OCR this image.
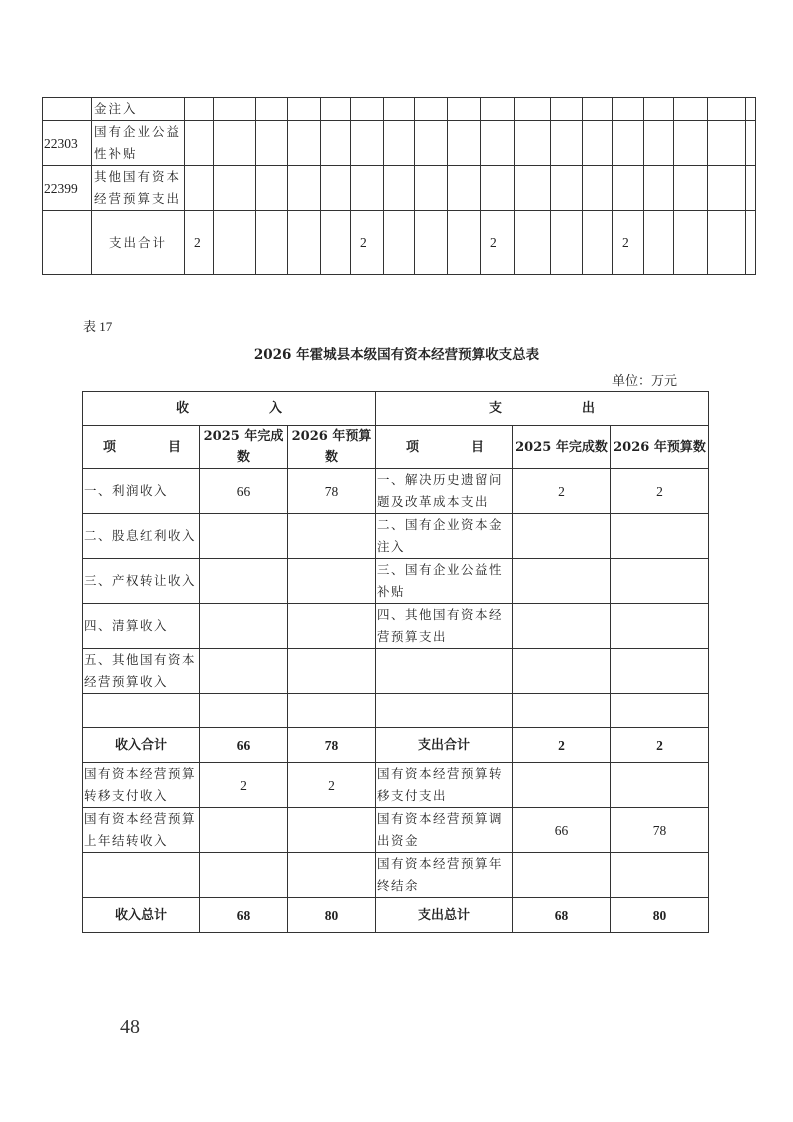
	金注入																		
22303	国有企业公益性补贴																		
22399	其他国有资本经营预算支出																		
	支出合计	2					2				2				2				
表 17
2026 年霍城县本级国有资本经营预算收支总表
单位：万元
收 入			支 出		

项 目	2025 年完成数	2026 年预算数	项 目	2025 年完成数	2026 年预算数
一、利润收入	66	78	一、解决历史遗留问题及改革成本支出	2	2
二、股息红利收入			二、国有企业资本金注入		
三、产权转让收入			三、国有企业公益性补贴		
四、清算收入			四、其他国有资本经营预算支出		
五、其他国有资本经营预算收入					

收入合计	66	78	支出合计	2	2
国有资本经营预算转移支付收入	2	2	国有资本经营预算转移支付支出		
国有资本经营预算上年结转收入			国有资本经营预算调出资金	66	78
			国有资本经营预算年终结余		
收入总计	68	80	支出总计	68	80
48
